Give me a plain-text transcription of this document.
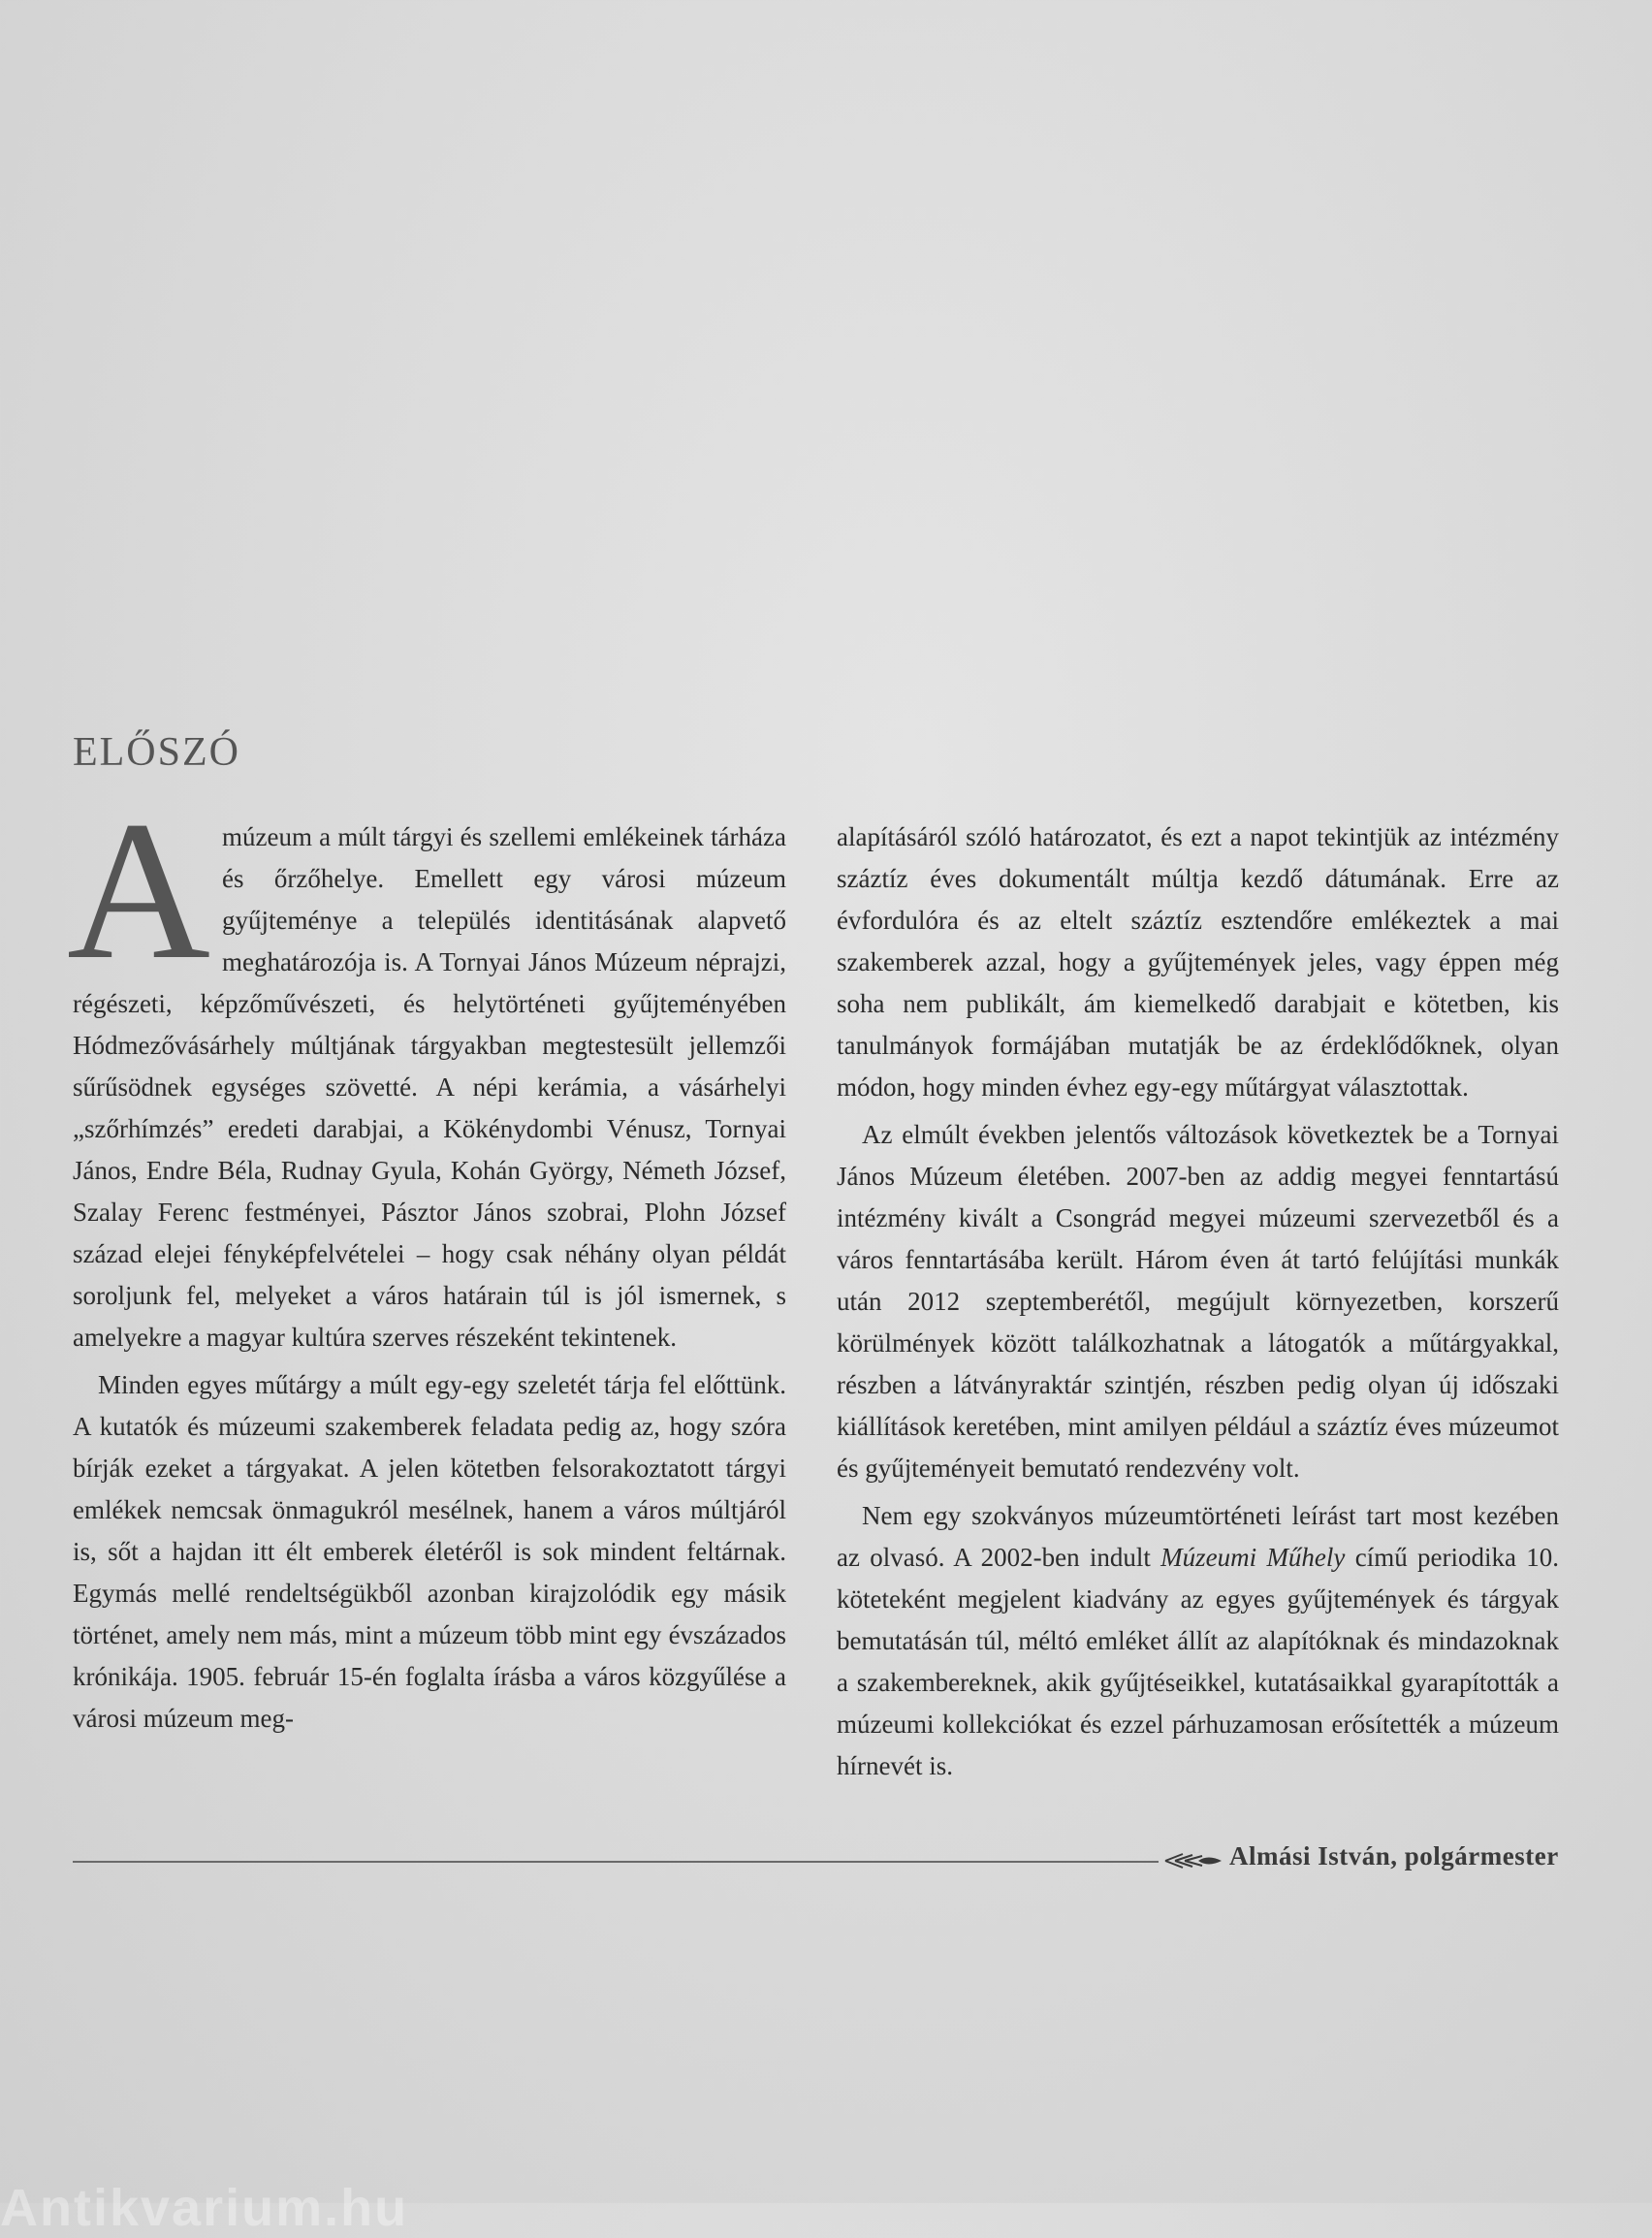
ELŐSZÓ

Amúzeum a múlt tárgyi és szellemi emlékeinek tárháza és őrzőhelye. Emellett egy városi múzeum gyűjteménye a település identitásának alapvető meghatározója is. A Tornyai János Múzeum néprajzi, régészeti, képzőművészeti, és helytörténeti gyűjteményében Hódmezővásárhely múltjának tárgyakban megtestesült jellemzői sűrűsödnek egységes szövetté. A népi kerámia, a vásárhelyi „szőrhímzés” eredeti darabjai, a Kökénydombi Vénusz, Tornyai János, Endre Béla, Rudnay Gyula, Kohán György, Németh József, Szalay Ferenc festményei, Pásztor János szobrai, Plohn József század elejei fényképfelvételei – hogy csak néhány olyan példát soroljunk fel, melyeket a város határain túl is jól ismernek, s amelyekre a magyar kultúra szerves részeként tekintenek.

Minden egyes műtárgy a múlt egy-egy szeletét tárja fel előttünk. A kutatók és múzeumi szakemberek feladata pedig az, hogy szóra bírják ezeket a tárgyakat. A jelen kötetben felsorakoztatott tárgyi emlékek nemcsak önmagukról mesélnek, hanem a város múltjáról is, sőt a hajdan itt élt emberek életéről is sok mindent feltárnak. Egymás mellé rendeltségükből azonban kirajzolódik egy másik történet, amely nem más, mint a múzeum több mint egy évszázados krónikája. 1905. február 15-én foglalta írásba a város közgyűlése a városi múzeum meg-

alapításáról szóló határozatot, és ezt a napot tekintjük az intézmény száztíz éves dokumentált múltja kezdő dátumának. Erre az évfordulóra és az eltelt száztíz esztendőre emlékeztek a mai szakemberek azzal, hogy a gyűjtemények jeles, vagy éppen még soha nem publikált, ám kiemelkedő darabjait e kötetben, kis tanulmányok formájában mutatják be az érdeklődőknek, olyan módon, hogy minden évhez egy-egy műtárgyat választottak.

Az elmúlt években jelentős változások következtek be a Tornyai János Múzeum életében. 2007-ben az addig megyei fenntartású intézmény kivált a Csongrád megyei múzeumi szervezetből és a város fenntartásába került. Három éven át tartó felújítási munkák után 2012 szeptemberétől, megújult környezetben, korszerű körülmények között találkozhatnak a látogatók a műtárgyakkal, részben a látványraktár szintjén, részben pedig olyan új időszaki kiállítások keretében, mint amilyen például a száztíz éves múzeumot és gyűjteményeit bemutató rendezvény volt.

Nem egy szokványos múzeumtörténeti leírást tart most kezében az olvasó. A 2002-ben indult Múzeumi Műhely című periodika 10. köteteként megjelent kiadvány az egyes gyűjtemények és tárgyak bemutatásán túl, méltó emléket állít az alapítóknak és mindazoknak a szakembereknek, akik gyűjtéseikkel, kutatásaikkal gyarapították a múzeumi kollekciókat és ezzel párhuzamosan erősítették a múzeum hírnevét is.

Almási István, polgármester
Antikvarium.hu
